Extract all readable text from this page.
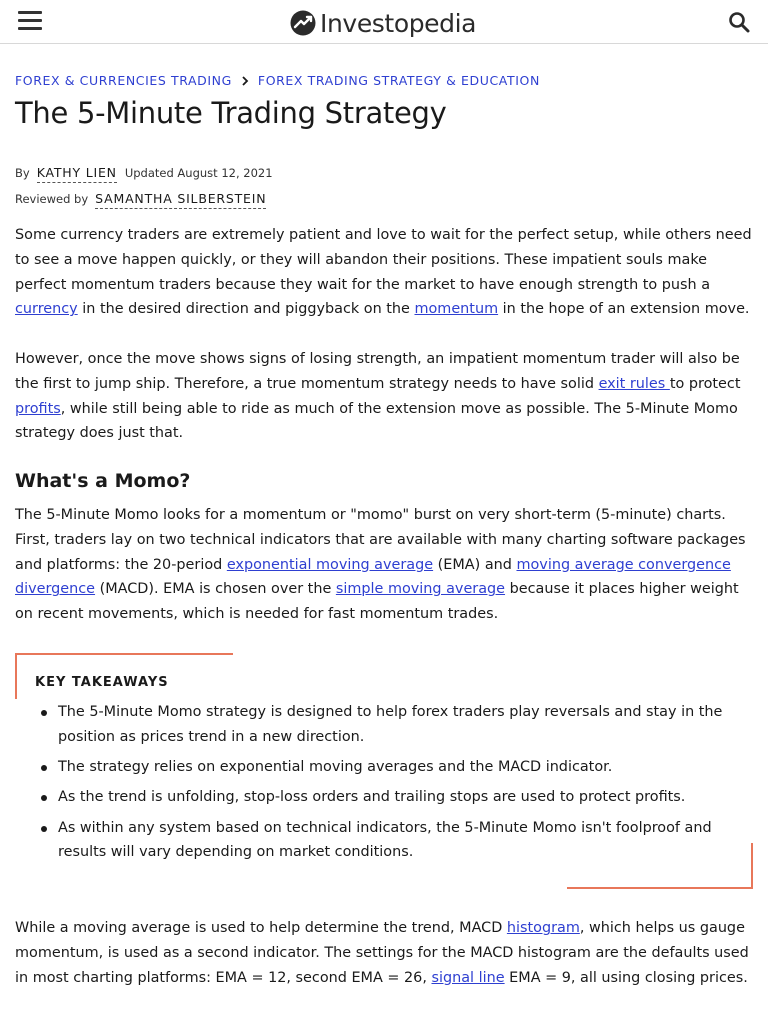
Investopedia
FOREX & CURRENCIES TRADING FOREX TRADING STRATEGY & EDUCATION
The 5-Minute Trading Strategy
By KATHY LIEN Updated August 12, 2021
Reviewed by SAMANTHA SILBERSTEIN

Some currency traders are extremely patient and love to wait for the perfect setup, while others need to see a move happen quickly, or they will abandon their positions. These impatient souls make perfect momentum traders because they wait for the market to have enough strength to push a currency in the desired direction and piggyback on the momentum in the hope of an extension move.

However, once the move shows signs of losing strength, an impatient momentum trader will also be the first to jump ship. Therefore, a true momentum strategy needs to have solid exit rules to protect profits, while still being able to ride as much of the extension move as possible. The 5-Minute Momo strategy does just that.

What's a Momo?

The 5-Minute Momo looks for a momentum or "momo" burst on very short-term (5-minute) charts. First, traders lay on two technical indicators that are available with many charting software packages and platforms: the 20-period exponential moving average (EMA) and moving average convergence divergence (MACD). EMA is chosen over the simple moving average because it places higher weight on recent movements, which is needed for fast momentum trades.

KEY TAKEAWAYS
The 5-Minute Momo strategy is designed to help forex traders play reversals and stay in the position as prices trend in a new direction.
The strategy relies on exponential moving averages and the MACD indicator.
As the trend is unfolding, stop-loss orders and trailing stops are used to protect profits.
As within any system based on technical indicators, the 5-Minute Momo isn't foolproof and results will vary depending on market conditions.

While a moving average is used to help determine the trend, MACD histogram, which helps us gauge momentum, is used as a second indicator. The settings for the MACD histogram are the defaults used in most charting platforms: EMA = 12, second EMA = 26, signal line EMA = 9, all using closing prices.
